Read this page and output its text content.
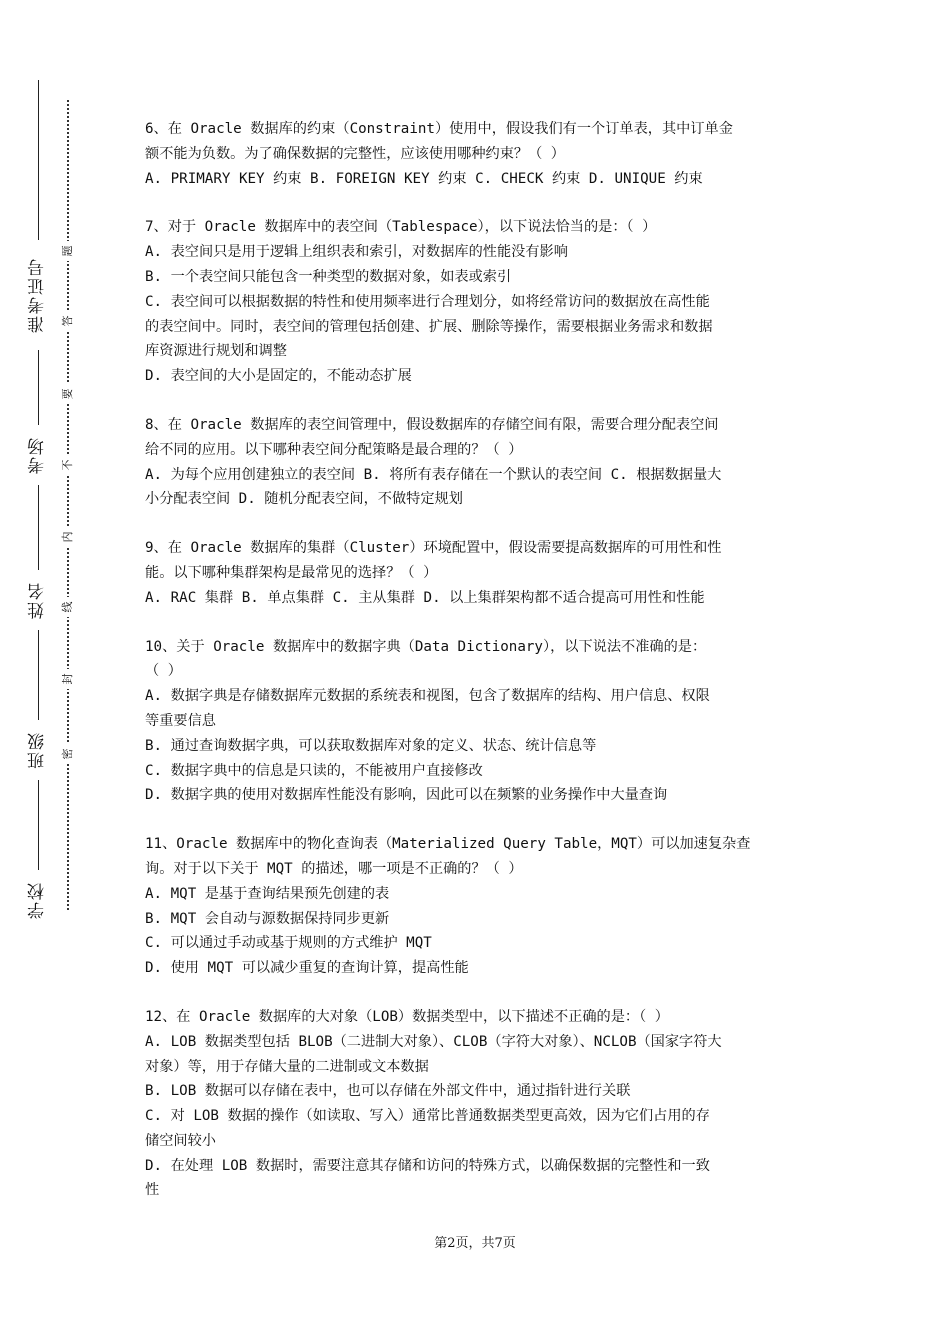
学校
班级
姓名
考场
准考证号
密
封
线
内
不
要
答
题

6、在 Oracle 数据库的约束（Constraint）使用中，假设我们有一个订单表，其中订单金

额不能为负数。为了确保数据的完整性，应该使用哪种约束？（ ）

A. PRIMARY KEY 约束 B. FOREIGN KEY 约束 C. CHECK 约束 D. UNIQUE 约束

7、对于 Oracle 数据库中的表空间（Tablespace），以下说法恰当的是：（ ）

A. 表空间只是用于逻辑上组织表和索引，对数据库的性能没有影响

B. 一个表空间只能包含一种类型的数据对象，如表或索引

C. 表空间可以根据数据的特性和使用频率进行合理划分，如将经常访问的数据放在高性能

的表空间中。同时，表空间的管理包括创建、扩展、删除等操作，需要根据业务需求和数据

库资源进行规划和调整

D. 表空间的大小是固定的，不能动态扩展

8、在 Oracle 数据库的表空间管理中，假设数据库的存储空间有限，需要合理分配表空间

给不同的应用。以下哪种表空间分配策略是最合理的？（ ）

A. 为每个应用创建独立的表空间 B. 将所有表存储在一个默认的表空间 C. 根据数据量大

小分配表空间 D. 随机分配表空间，不做特定规划

9、在 Oracle 数据库的集群（Cluster）环境配置中，假设需要提高数据库的可用性和性

能。以下哪种集群架构是最常见的选择？（ ）

A. RAC 集群 B. 单点集群 C. 主从集群 D. 以上集群架构都不适合提高可用性和性能

10、关于 Oracle 数据库中的数据字典（Data Dictionary），以下说法不准确的是：

（ ）

A. 数据字典是存储数据库元数据的系统表和视图，包含了数据库的结构、用户信息、权限

等重要信息

B. 通过查询数据字典，可以获取数据库对象的定义、状态、统计信息等

C. 数据字典中的信息是只读的，不能被用户直接修改

D. 数据字典的使用对数据库性能没有影响，因此可以在频繁的业务操作中大量查询

11、Oracle 数据库中的物化查询表（Materialized Query Table，MQT）可以加速复杂查

询。对于以下关于 MQT 的描述，哪一项是不正确的？（ ）

A. MQT 是基于查询结果预先创建的表

B. MQT 会自动与源数据保持同步更新

C. 可以通过手动或基于规则的方式维护 MQT

D. 使用 MQT 可以减少重复的查询计算，提高性能

12、在 Oracle 数据库的大对象（LOB）数据类型中，以下描述不正确的是：（ ）

A. LOB 数据类型包括 BLOB（二进制大对象）、CLOB（字符大对象）、NCLOB（国家字符大

对象）等，用于存储大量的二进制或文本数据

B. LOB 数据可以存储在表中，也可以存储在外部文件中，通过指针进行关联

C. 对 LOB 数据的操作（如读取、写入）通常比普通数据类型更高效，因为它们占用的存

储空间较小

D. 在处理 LOB 数据时，需要注意其存储和访问的特殊方式，以确保数据的完整性和一致

性

第2页，共7页
